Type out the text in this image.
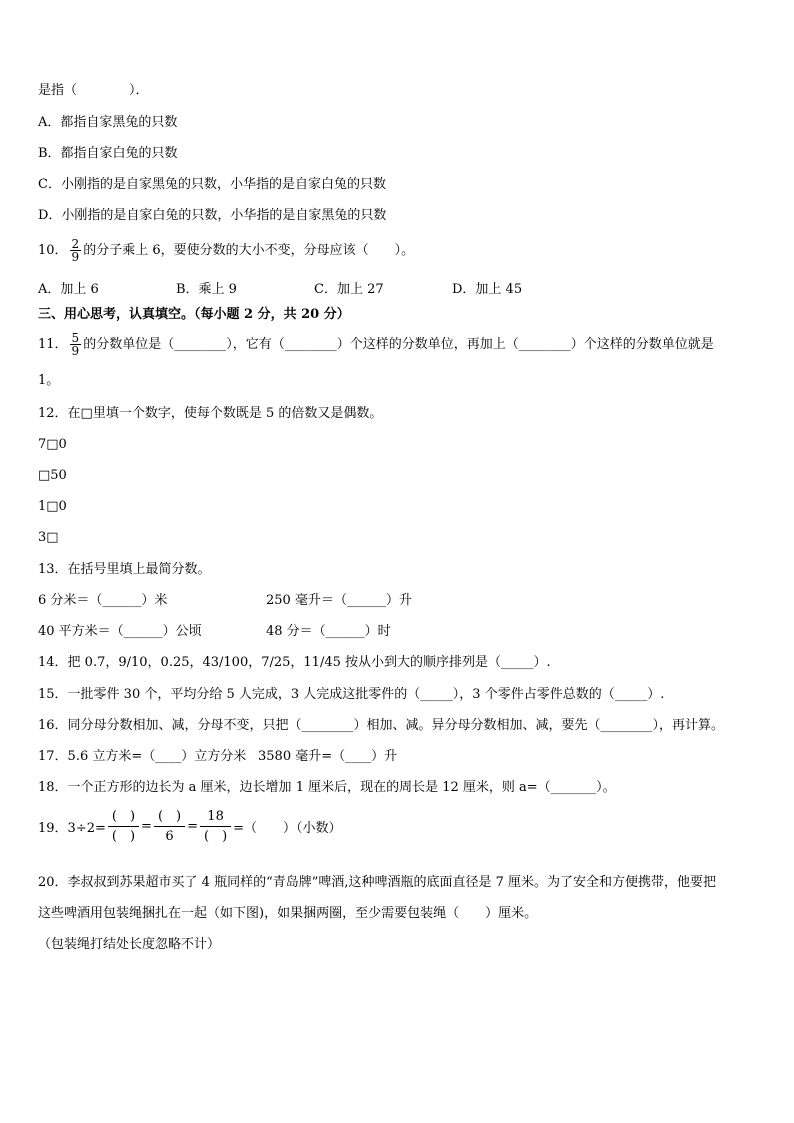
是指（　　　　）．
A．都指自家黑兔的只数
B．都指自家白兔的只数
C．小刚指的是自家黑兔的只数，小华指的是自家白兔的只数
D．小刚指的是自家白兔的只数，小华指的是自家黑兔的只数
10． $\frac{2}{9}$ 的分子乘上 6，要使分数的大小不变，分母应该（　　）。
A．加上 6	B．乘上 9	C．加上 27	D．加上 45
三、用心思考，认真填空。（每小题 2 分，共 20 分）
11． $\frac{5}{9}$ 的分数单位是（________），它有（________）个这样的分数单位，再加上（________）个这样的分数单位就是
1。
12．在□里填一个数字，使每个数既是 5 的倍数又是偶数。
7□0
□50
1□0
3□
13．在括号里填上最简分数。
6 分米＝（______）米	250 毫升＝（______）升
40 平方米＝（______）公顷	48 分＝（______）时
14．把 0.7，9/10，0.25，43/100，7/25，11/45 按从小到大的顺序排列是（_____）.
15．一批零件 30 个，平均分给 5 人完成，3 人完成这批零件的（_____），3 个零件占零件总数的（_____）.
16．同分母分数相加、减，分母不变，只把（________）相加、减。异分母分数相加、减，要先（________），再计算。
17．5.6 立方米=（____）立方分米 3580 毫升=（____）升
18．一个正方形的边长为 a 厘米，边长增加 1 厘米后，现在的周长是 12 厘米，则 a=（_______）。
19．$3\div 2= \frac{( )}{( )} = \frac{( )}{6} = \frac{18}{( )}$ =（　　）（小数）
20．李叔叔到苏果超市买了 4 瓶同样的“青岛牌”啤酒,这种啤酒瓶的底面直径是 7 厘米。为了安全和方便携带，他要把
这些啤酒用包装绳捆扎在一起（如下图)，如果捆两圈，至少需要包装绳（　　）厘米。
（包装绳打结处长度忽略不计）
